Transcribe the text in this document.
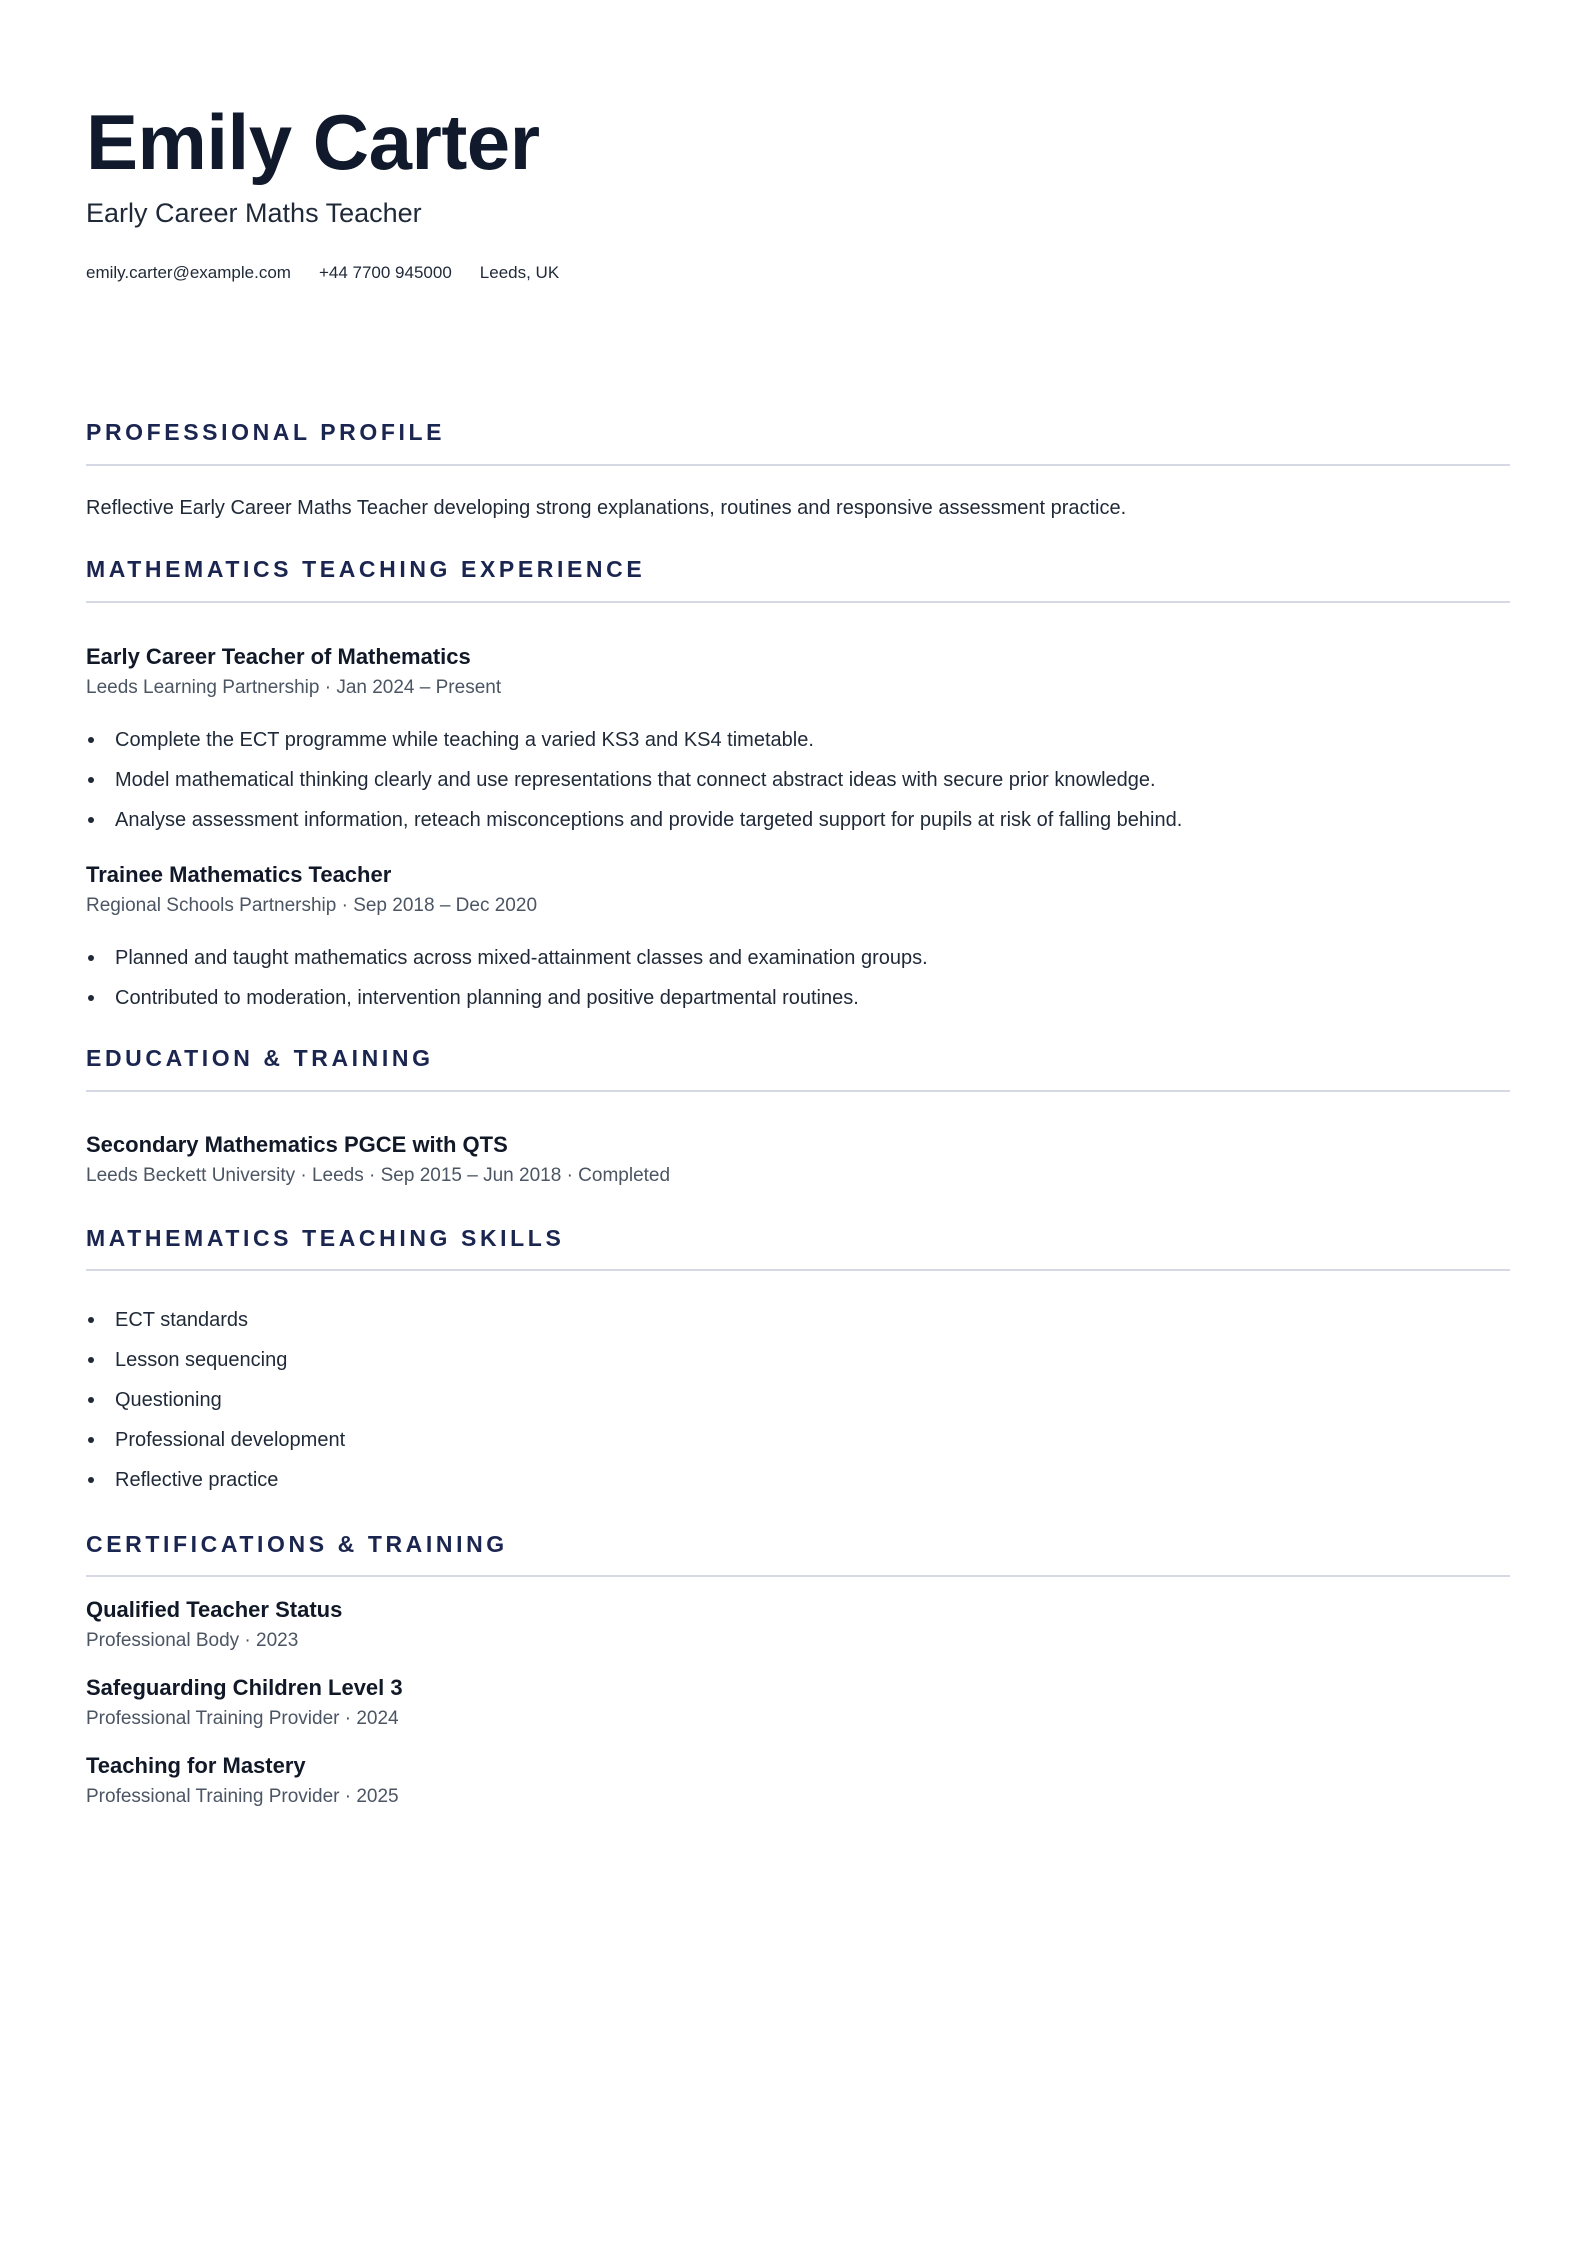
Emily Carter
Early Career Maths Teacher
emily.carter@example.com +44 7700 945000 Leeds, UK
PROFESSIONAL PROFILE
Reflective Early Career Maths Teacher developing strong explanations, routines and responsive assessment practice.
MATHEMATICS TEACHING EXPERIENCE
Early Career Teacher of Mathematics
Leeds Learning Partnership · Jan 2024 – Present
Complete the ECT programme while teaching a varied KS3 and KS4 timetable.
Model mathematical thinking clearly and use representations that connect abstract ideas with secure prior knowledge.
Analyse assessment information, reteach misconceptions and provide targeted support for pupils at risk of falling behind.
Trainee Mathematics Teacher
Regional Schools Partnership · Sep 2018 – Dec 2020
Planned and taught mathematics across mixed-attainment classes and examination groups.
Contributed to moderation, intervention planning and positive departmental routines.
EDUCATION & TRAINING
Secondary Mathematics PGCE with QTS
Leeds Beckett University · Leeds · Sep 2015 – Jun 2018 · Completed
MATHEMATICS TEACHING SKILLS
ECT standards
Lesson sequencing
Questioning
Professional development
Reflective practice
CERTIFICATIONS & TRAINING
Qualified Teacher Status
Professional Body · 2023
Safeguarding Children Level 3
Professional Training Provider · 2024
Teaching for Mastery
Professional Training Provider · 2025
